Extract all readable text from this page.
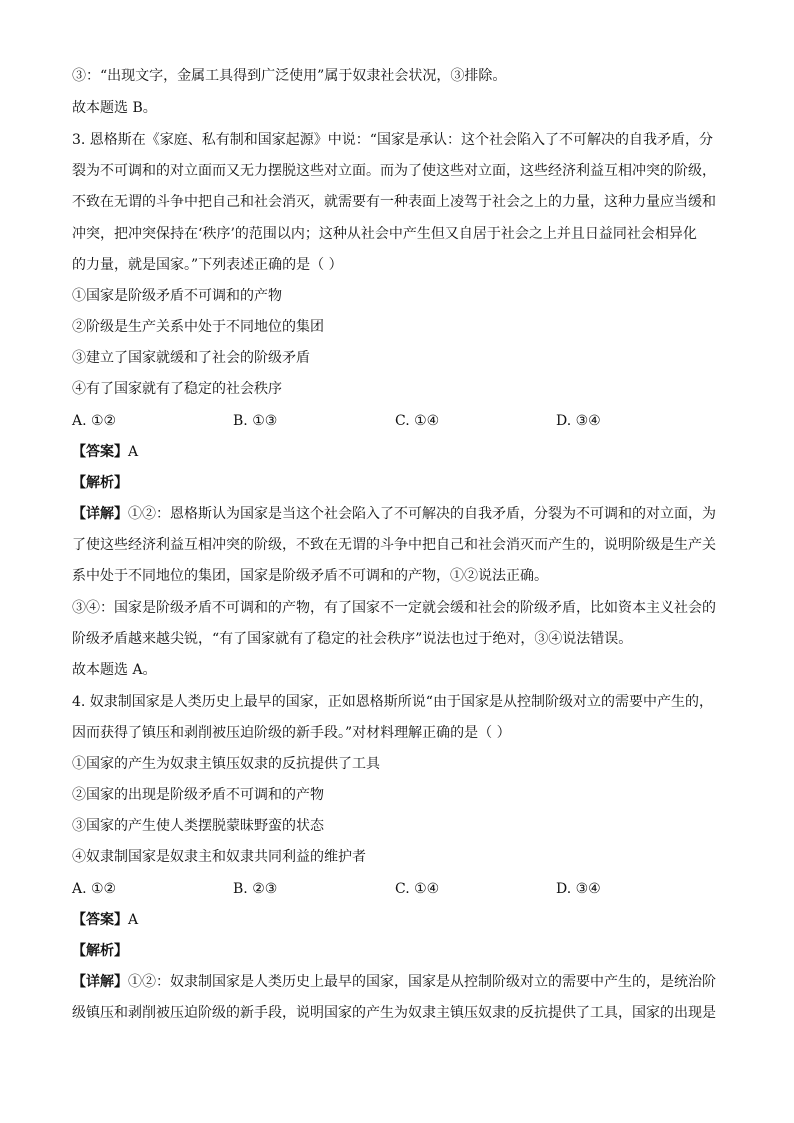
③：“出现文字，金属工具得到广泛使用”属于奴隶社会状况，③排除。
故本题选 B。
3. 恩格斯在《家庭、私有制和国家起源》中说：“国家是承认：这个社会陷入了不可解决的自我矛盾，分
裂为不可调和的对立面而又无力摆脱这些对立面。而为了使这些对立面，这些经济利益互相冲突的阶级，
不致在无谓的斗争中把自己和社会消灭，就需要有一种表面上凌驾于社会之上的力量，这种力量应当缓和
冲突，把冲突保持在‘秩序’的范围以内；这种从社会中产生但又自居于社会之上并且日益同社会相异化
的力量，就是国家。”下列表述正确的是（ ）
①国家是阶级矛盾不可调和的产物
②阶级是生产关系中处于不同地位的集团
③建立了国家就缓和了社会的阶级矛盾
④有了国家就有了稳定的社会秩序
A. ①②	B. ①③	C. ①④	D. ③④
【答案】A
【解析】
【详解】①②：恩格斯认为国家是当这个社会陷入了不可解决的自我矛盾，分裂为不可调和的对立面，为
了使这些经济利益互相冲突的阶级，不致在无谓的斗争中把自己和社会消灭而产生的，说明阶级是生产关
系中处于不同地位的集团，国家是阶级矛盾不可调和的产物，①②说法正确。
③④：国家是阶级矛盾不可调和的产物，有了国家不一定就会缓和社会的阶级矛盾，比如资本主义社会的
阶级矛盾越来越尖锐，“有了国家就有了稳定的社会秩序”说法也过于绝对，③④说法错误。
故本题选 A。
4. 奴隶制国家是人类历史上最早的国家，正如恩格斯所说“由于国家是从控制阶级对立的需要中产生的，
因而获得了镇压和剥削被压迫阶级的新手段。”对材料理解正确的是（ ）
①国家的产生为奴隶主镇压奴隶的反抗提供了工具
②国家的出现是阶级矛盾不可调和的产物
③国家的产生使人类摆脱蒙昧野蛮的状态
④奴隶制国家是奴隶主和奴隶共同利益的维护者
A. ①②	B. ②③	C. ①④	D. ③④
【答案】A
【解析】
【详解】①②：奴隶制国家是人类历史上最早的国家，国家是从控制阶级对立的需要中产生的，是统治阶
级镇压和剥削被压迫阶级的新手段，说明国家的产生为奴隶主镇压奴隶的反抗提供了工具，国家的出现是
